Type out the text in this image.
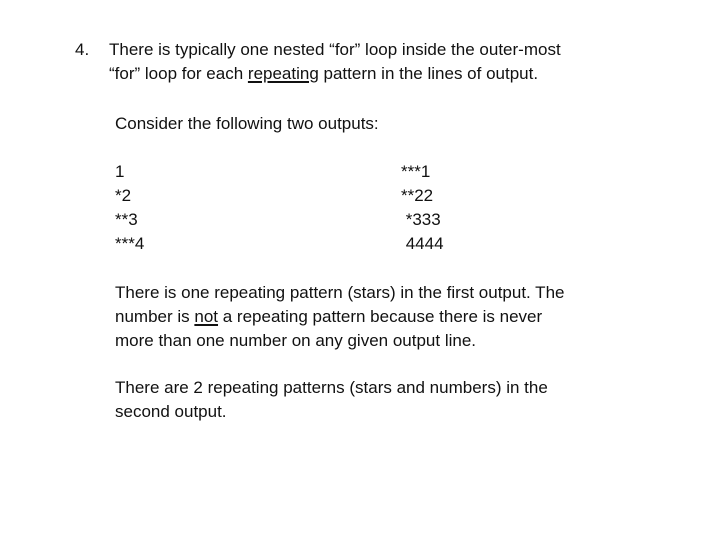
4. There is typically one nested “for” loop inside the outer-most
“for” loop for each repeating pattern in the lines of output.
Consider the following two outputs:
1
*2
**3
***4
***1
**22
*333
4444
There is one repeating pattern (stars) in the first output. The
number is not a repeating pattern because there is never
more than one number on any given output line.
There are 2 repeating patterns (stars and numbers) in the
second output.
